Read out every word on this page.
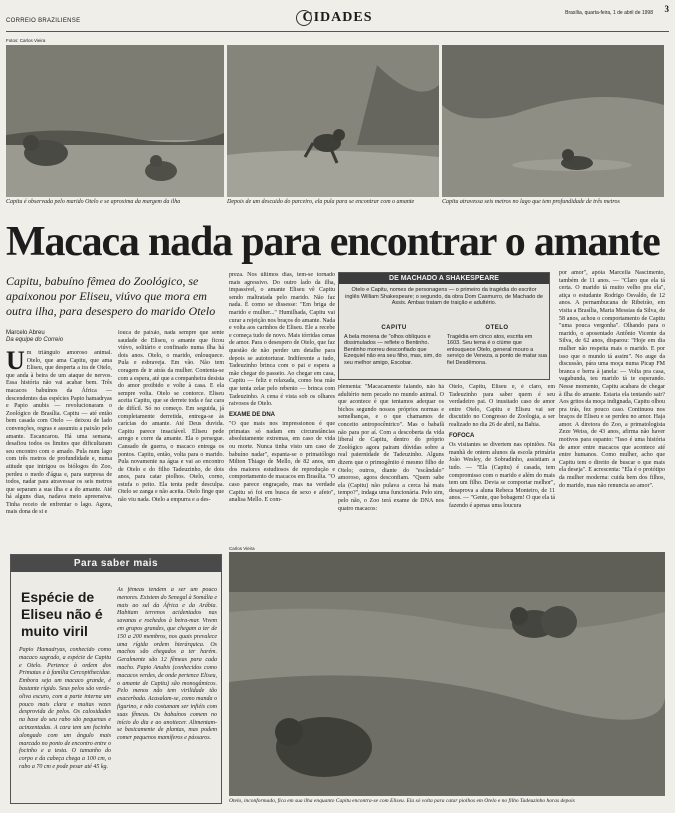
CORREIO BRAZILIENSE	CIDADES	Brasília, quarta-feira, 1 de abril de 1998 3
Fotos: Carlos Vieira
Capitu é observada pelo marido Otelo e se aproxima da margem da ilha	Depois de um descuido do parceiro, ela pula para se encontrar com o amante	Capitu atravessa seis metros no lago que tem profundidade de três metros
Macaca nada para encontrar o amante
Capitu, babuíno fêmea do Zoológico, se apaixonou por Eliseu, viúvo que mora em outra ilha, para desespero do marido Otelo
Marcelo Abreu
Da equipe do Correio
Um triângulo amoroso animal. Otelo, que ama Capitu, que ama Eliseu, que desperta a ira de Otelo, que anda à beira de um ataque de nervos. Essa história não vai acabar bem. Três macacos babuínos da África — descendentes das espécies Papio hamadryas e Papio anubis — revolucionaram o Zoológico de Brasília. Capitu — até então bem casada com Otelo — deixou de lado convenções, regras e assumiu a paixão pelo amante. Escancarou. Há uma semana, desafiou todos os limites que dificultaram seu encontro com o amado. Pula num lago com três metros de profundidade e, numa atitude que intrigou os biólogos do Zoo, perdeu o medo d'água e, para surpresa de todos, nadar para atravessar os seis metros que separam a sua ilha e a do amante. Até há alguns dias, nadava meio apreensiva. Tinha receio de enfrentar o lago. Agora, mais dona de si e
louca de paixão, nada sempre que sente saudade de Eliseu, o amante que ficou viúvo, solitário e confinado numa ilha há dois anos. Otelo, o marido, enlouquece. Pula e esbraveja. Em vão. Não tem coragem de ir atrás da mulher. Contenta-se com a espera, até que a companheira desista do amor proibido e volte à casa. E ela sempre volta. Otelo se contorce. Eliseu aceita Capitu, que se derrete toda e faz cara de difícil. Só no começo. Em seguida, já completamente derretida, entrega-se às carícias do amante. Até Deus duvida. Capitu parece insaciável. Eliseu pede arrego e corre da amante. Ela o persegue. Cansado de guerra, o macaco entrega os pontos. Capitu, então, volta para o marido. Pula novamente na água e vai ao encontro de Otelo e do filho Tadeuzinho, de dois anos, para catar piolhos. Otelo, corno, estufa o peito. Ela tenta pedir desculpa. Otelo se zanga e não aceita. Otelo finge que não viu nada. Otelo a empurra e a des-
preza. Nos últimos dias, tem-se tornado mais agressivo. Do outro lado da ilha, impassível, o amante Eliseu vê Capitu sendo maltratada pelo marido. Não faz nada. É como se dissesse: "Em briga de marido e mulher..." Humilhada, Capitu vai curar a rejeição nos braços do amante. Nada e volta aos carinhos de Eliseu. Ele a recebe e começa tudo de novo. Mais tórridas cenas de amor. Para o desespero de Otelo, que faz questão de não perder um detalhe para depois se autotorturar. Indiferente a tudo, Tadeuzinho brinca com o pai e espera a mãe chegar do passeio. Ao chegar em casa, Capitu — feliz e relaxada, como boa mãe que tenta zelar pelo rebento — brinca com Tadeuzinho. A cena é vista sob os olhares raivosos de Otelo.
EXAME DE DNA
"O que mais nos impressionou é que primatas só nadam em circunstâncias absolutamente extremas, em caso de vida ou morte. Nunca tinha visto um caso de babuíno nadar", espanta-se o primatólogo Milton Thiago de Mello, de 82 anos, um dos maiores estudiosos de reprodução e comportamento de macacos em Brasília. "O caso parece engraçado, mas na verdade Capitu só foi em busca de sexo e afeto", analisa Mello. E com-
DE MACHADO A SHAKESPEARE
Otelo e Capitu, nomes de personagens — o primeiro da tragédia do escritor inglês William Shakespeare; o segundo, da obra Dom Casmurro, de Machado de Assis. Ambas tratam de traição e adultério.
CAPITU
A bela morena de "olhos oblíquos e dissimulados — reflete o Bentinho. Bentinho morreu desconfiado que Ezequiel não era seu filho, mas, sim, do seu melhor amigo, Escobar.
OTELO
Tragédia em cinco atos, escrita em 1603. Seu tema é o ciúme que enlouquece Otelo, general mouro a serviço de Veneza, a ponto de matar sua fiel Desdêmona.
plementa: "Macacamente falando, não há adultério nem pecado no mundo animal. O que acontece é que tentamos adequar os bichos segundo nossos próprios normas e semelhanças, e o que chamamos de conceito antropocêntrico". Mas o babafã não para por aí. Com a descoberta da vida liberal de Capitu, dentro do próprio Zoológico agora pairam dúvidas sobre a real paternidade de Tadeuzinho. Alguns dizem que o primogênito é mesmo filho de Otelo; outros, diante do "escândalo" amoroso, agora desconfiam. "Quem sabe ela (Capitu) não pulava a cerca há mais tempo?", indaga uma funcionária. Pelo sim, pelo não, o Zoo terá exame de DNA nos quatro macacos:
Otelo, Capitu, Eliseu e, é claro, em Tadeuzinho para saber quem é seu verdadeiro pai. O inusitado caso de amor entre Otelo, Capitu e Eliseu vai ser discutido no Congresso de Zoologia, a ser realizado no dia 26 de abril, na Bahia.
FOFOCA
Os visitantes se divertem nas opiniões. Na manhã de ontem alunos da escola primária João Wesley, de Sobradinho, assistiam a tudo. — "Ela (Capitu) é casada, tem compromisso com o marido e além do mais tem um filho. Devia se comportar melhor", desaprova a aluna Rebeca Monteiro, de 11 anos. — "Gente, que bobagem! O que ela tá fazendo é apenas uma loucura
por amor", apóia Marcella Nascimento, também de 11 anos. — "Claro que ela tá certa. O marido tá muito velho pra ela", atiça o estudante Rodrigo Osvaldo, de 12 anos. A pernambucana de Ribeirão, em visita a Brasília, Maria Messias da Silva, de 58 anos, achou o comportamento de Capitu "uma pouca vergonha". Olhando para o marido, o aposentado Antônio Vicente da Silva, de 62 anos, disparou: "Hoje em dia mulher não respeita mais o marido. E por isso que o mundo tá assim". No auge da discussão, pára uma moça numa Picap FM branca e berra à janela: — Volta pra casa, vagabunda, teu marido tá te esperando. Nesse momento, Capitu acabara de chegar à ilha do amante. Estaria ela tentando sair? Aos gritos da moça indignada, Capitu olhou pra trás, fez pouco caso. Continuou nos braços de Eliseu e se perdeu no amor. Haja amor. A diretora do Zoo, a primatologista Zeze Weiss, de 43 anos, afirma não haver motivos para espanto: "Isso é uma história de amor entre macacos que acontece até entre humanos. Como mulher, acho que Capitu tem o direito de buscar o que mais ela deseja". E acrescenta: "Ela é o protótipo da mulher moderna: cuida bem dos filhos, do marido, mas não renuncia ao amor".
Para saber mais
Espécie de Eliseu não é muito viril
Papio Hamadryas, conhecido como macaco sagrado, a espécie de Capitu e Otelo. Pertence à ordem dos Primatas e à família Cercopithecidae. Embora seja um macaco grande, é bastante rígido. Seus pelos são verde-oliva escuro, com a parte interna um pouco mais clara e muitas vezes desprovida de pelos. Os calosidades na base do seu rabo são pequenas e acinzentadas. A cara tem um focinho alongado com um ângulo mais marcado no ponto de encontro entre o focinho e a testa. O tamanho do corpo e da cabeça chega a 100 cm, o rabo a 70 cm e pode pesar até 45 kg.
As fêmeas tendem a ser um pouco menores. Existem do Senegal à Somália e mais ao sul da África e da Arábia. Habitam terrenos acidentados nas savanas e rochedos à beira-mar. Vivem em grupos grandes, que chegam a ter de 150 a 200 membros, nos quais prevalece uma rígida ordem hierárquica. Os machos são chegados a ter harém. Geralmente são 12 fêmeas para cada macho. Papio Anubis (conhecidos como macacos verdes, de onde pertence Eliseu, o amante de Capitu) são monogâmicos. Pelo menos não tem virilidade tão exacerbada. Acasalam-se, como manda o figurino, e não costumam ser infiéis com suas fêmeas. Os babuínos comem no início do dia e ao anoitecer. Alimentam-se basicamente de plantas, mas podem comer pequenos mamíferos e pássaros.
Carlos Vieira
Otelo, inconformado, fica em sua ilha enquanto Capitu encontra-se com Eliseu. Ela só volta para catar piolhos em Otelo e no filho Tadeuzinho horas depois
